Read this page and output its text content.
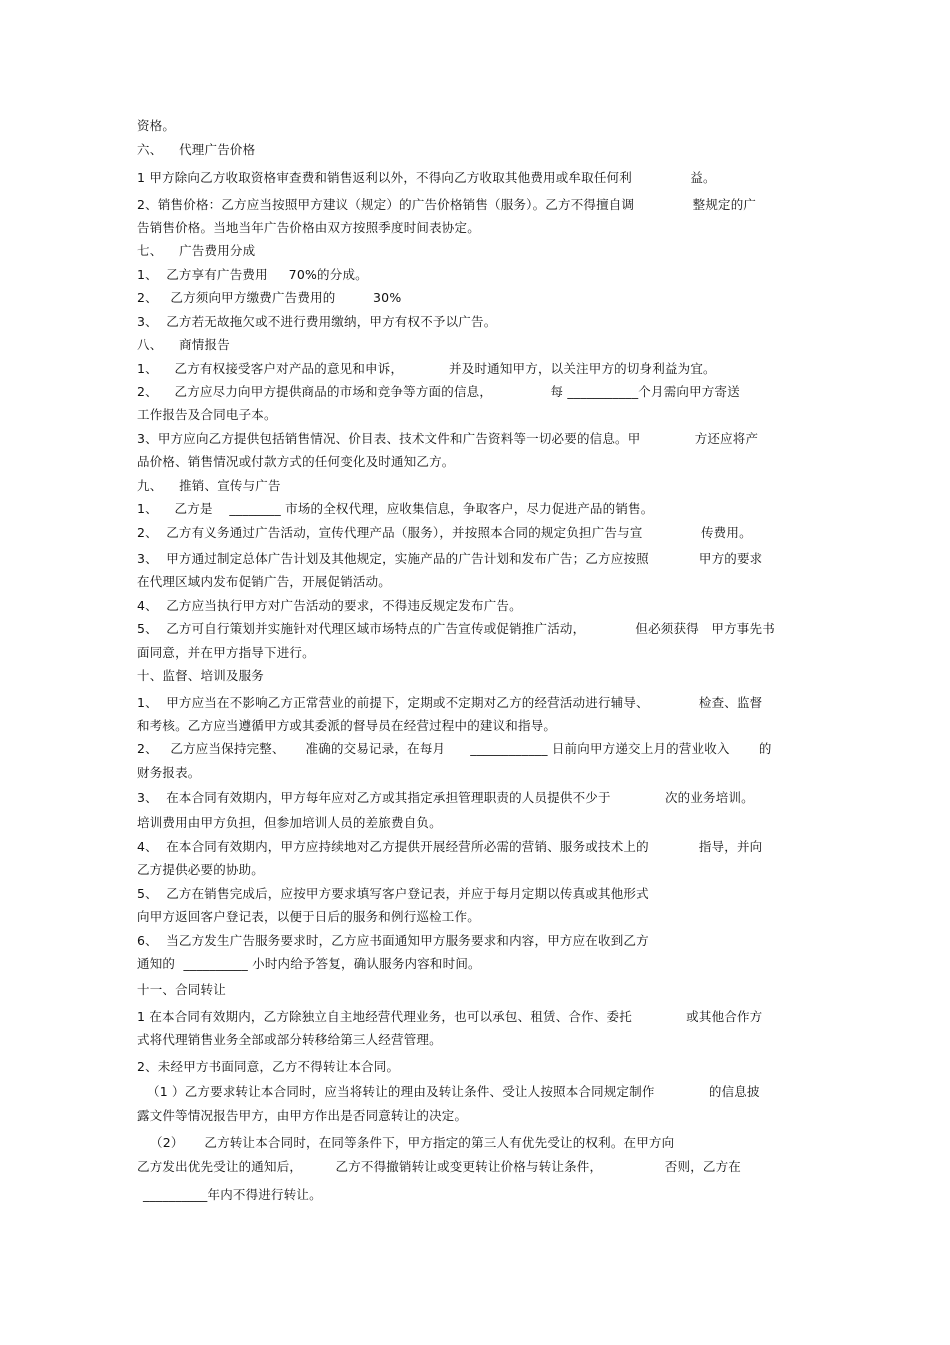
资格。
六、    代理广告价格
1 甲方除向乙方收取资格审查费和销售返利以外，不得向乙方收取其他费用或牟取任何利              益。
2、销售价格：乙方应当按照甲方建议（规定）的广告价格销售（服务）。乙方不得擅自调              整规定的广
告销售价格。当地当年广告价格由双方按照季度时间表协定。
七、    广告费用分成
1、  乙方享有广告费用     70%的分成。
2、   乙方须向甲方缴费广告费用的         30%
3、  乙方若无故拖欠或不进行费用缴纳，甲方有权不予以广告。
八、    商情报告
1、    乙方有权接受客户对产品的意见和申诉，           并及时通知甲方，以关注甲方的切身利益为宜。
2、    乙方应尽力向甲方提供商品的市场和竞争等方面的信息，              每 ___________个月需向甲方寄送
工作报告及合同电子本。
3、甲方应向乙方提供包括销售情况、价目表、技术文件和广告资料等一切必要的信息。甲             方还应将产
品价格、销售情况或付款方式的任何变化及时通知乙方。
九、    推销、宣传与广告
1、    乙方是    ________ 市场的全权代理，应收集信息，争取客户，尽力促进产品的销售。
2、  乙方有义务通过广告活动，宣传代理产品（服务），并按照本合同的规定负担广告与宣              传费用。
3、  甲方通过制定总体广告计划及其他规定，实施产品的广告计划和发布广告；乙方应按照            甲方的要求
在代理区域内发布促销广告，开展促销活动。
4、  乙方应当执行甲方对广告活动的要求，不得违反规定发布广告。
5、  乙方可自行策划并实施针对代理区域市场特点的广告宣传或促销推广活动，            但必须获得   甲方事先书
面同意，并在甲方指导下进行。
十、监督、培训及服务
1、  甲方应当在不影响乙方正常营业的前提下，定期或不定期对乙方的经营活动进行辅导、            检查、监督
和考核。乙方应当遵循甲方或其委派的督导员在经营过程中的建议和指导。
2、   乙方应当保持完整、     准确的交易记录，在每月      ____________ 日前向甲方递交上月的营业收入       的
财务报表。
3、  在本合同有效期内，甲方每年应对乙方或其指定承担管理职责的人员提供不少于             次的业务培训。
培训费用由甲方负担，但参加培训人员的差旅费自负。
4、  在本合同有效期内，甲方应持续地对乙方提供开展经营所必需的营销、服务或技术上的            指导，并向
乙方提供必要的协助。
5、  乙方在销售完成后，应按甲方要求填写客户登记表，并应于每月定期以传真或其他形式
向甲方返回客户登记表，以便于日后的服务和例行巡检工作。
6、  当乙方发生广告服务要求时，乙方应书面通知甲方服务要求和内容，甲方应在收到乙方
通知的  __________ 小时内给予答复，确认服务内容和时间。
十一、合同转让
1 在本合同有效期内，乙方除独立自主地经营代理业务，也可以承包、租赁、合作、委托             或其他合作方
式将代理销售业务全部或部分转移给第三人经营管理。
2、未经甲方书面同意，乙方不得转让本合同。
（1 ）乙方要求转让本合同时，应当将转让的理由及转让条件、受让人按照本合同规定制作             的信息披
露文件等情况报告甲方，由甲方作出是否同意转让的决定。
（2）     乙方转让本合同时，在同等条件下，甲方指定的第三人有优先受让的权利。在甲方向
乙方发出优先受让的通知后，        乙方不得撤销转让或变更转让价格与转让条件，               否则，乙方在
__________年内不得进行转让。
